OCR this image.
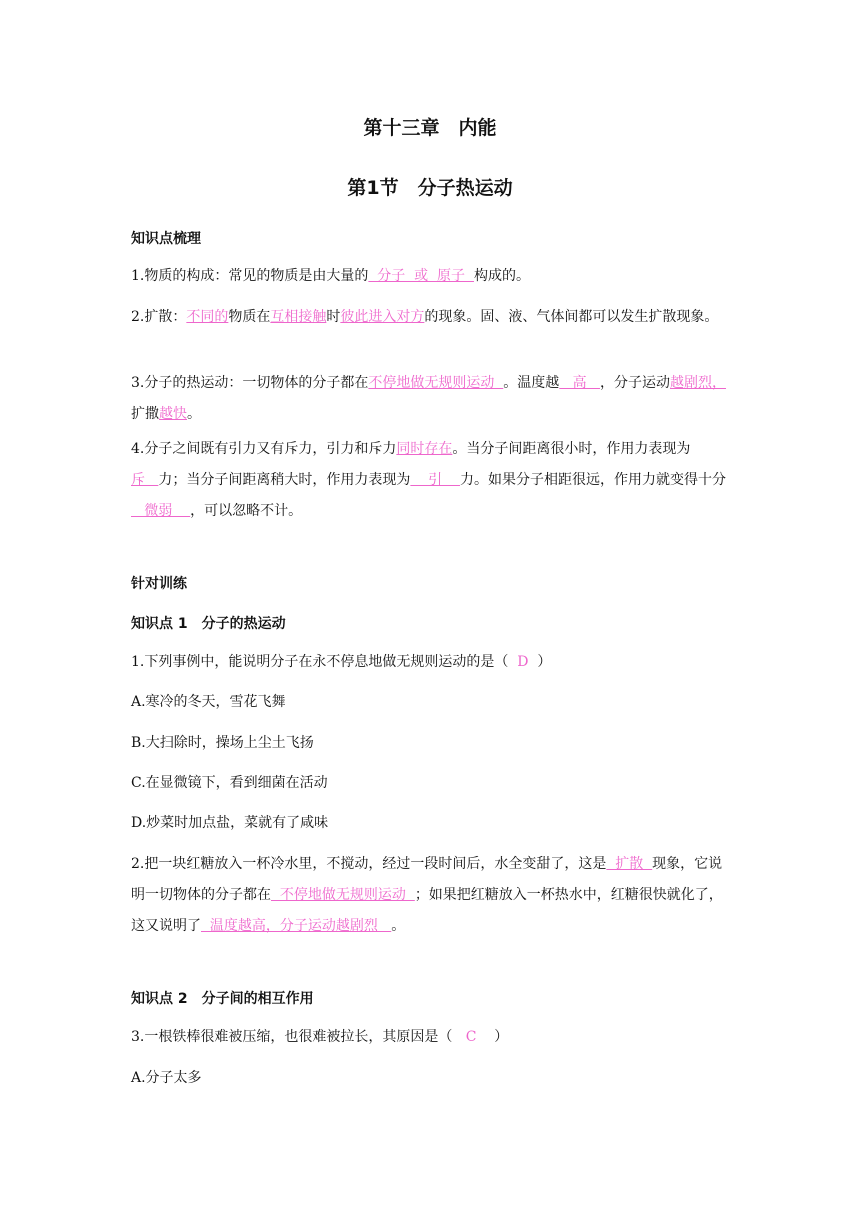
第十三章　内能
第1节　分子热运动
知识点梳理
1.物质的构成：常见的物质是由大量的  分子  或  原子  构成的。
2.扩散：不同的物质在互相接触时彼此进入对方的现象。固、液、气体间都可以发生扩散现象。
3.分子的热运动：一切物体的分子都在不停地做无规则运动  。温度越   高   ，分子运动越剧烈，扩撒越快。
4.分子之间既有引力又有斥力，引力和斥力同时存在。当分子间距离很小时，作用力表现为斥   力；当分子间距离稍大时，作用力表现为    引    力。如果分子相距很远，作用力就变得十分   微弱    ，可以忽略不计。
针对训练
知识点 1　分子的热运动
1.下列事例中，能说明分子在永不停息地做无规则运动的是（  D  ）
A.寒冷的冬天，雪花飞舞
B.大扫除时，操场上尘土飞扬
C.在显微镜下，看到细菌在活动
D.炒菜时加点盐，菜就有了咸味
2.把一块红糖放入一杯冷水里，不搅动，经过一段时间后，水全变甜了，这是  扩散  现象，它说明一切物体的分子都在  不停地做无规则运动  ；如果把红糖放入一杯热水中，红糖很快就化了，这又说明了  温度越高，分子运动越剧烈   。
知识点 2　分子间的相互作用
3.一根铁棒很难被压缩，也很难被拉长，其原因是（   C    ）
A.分子太多
